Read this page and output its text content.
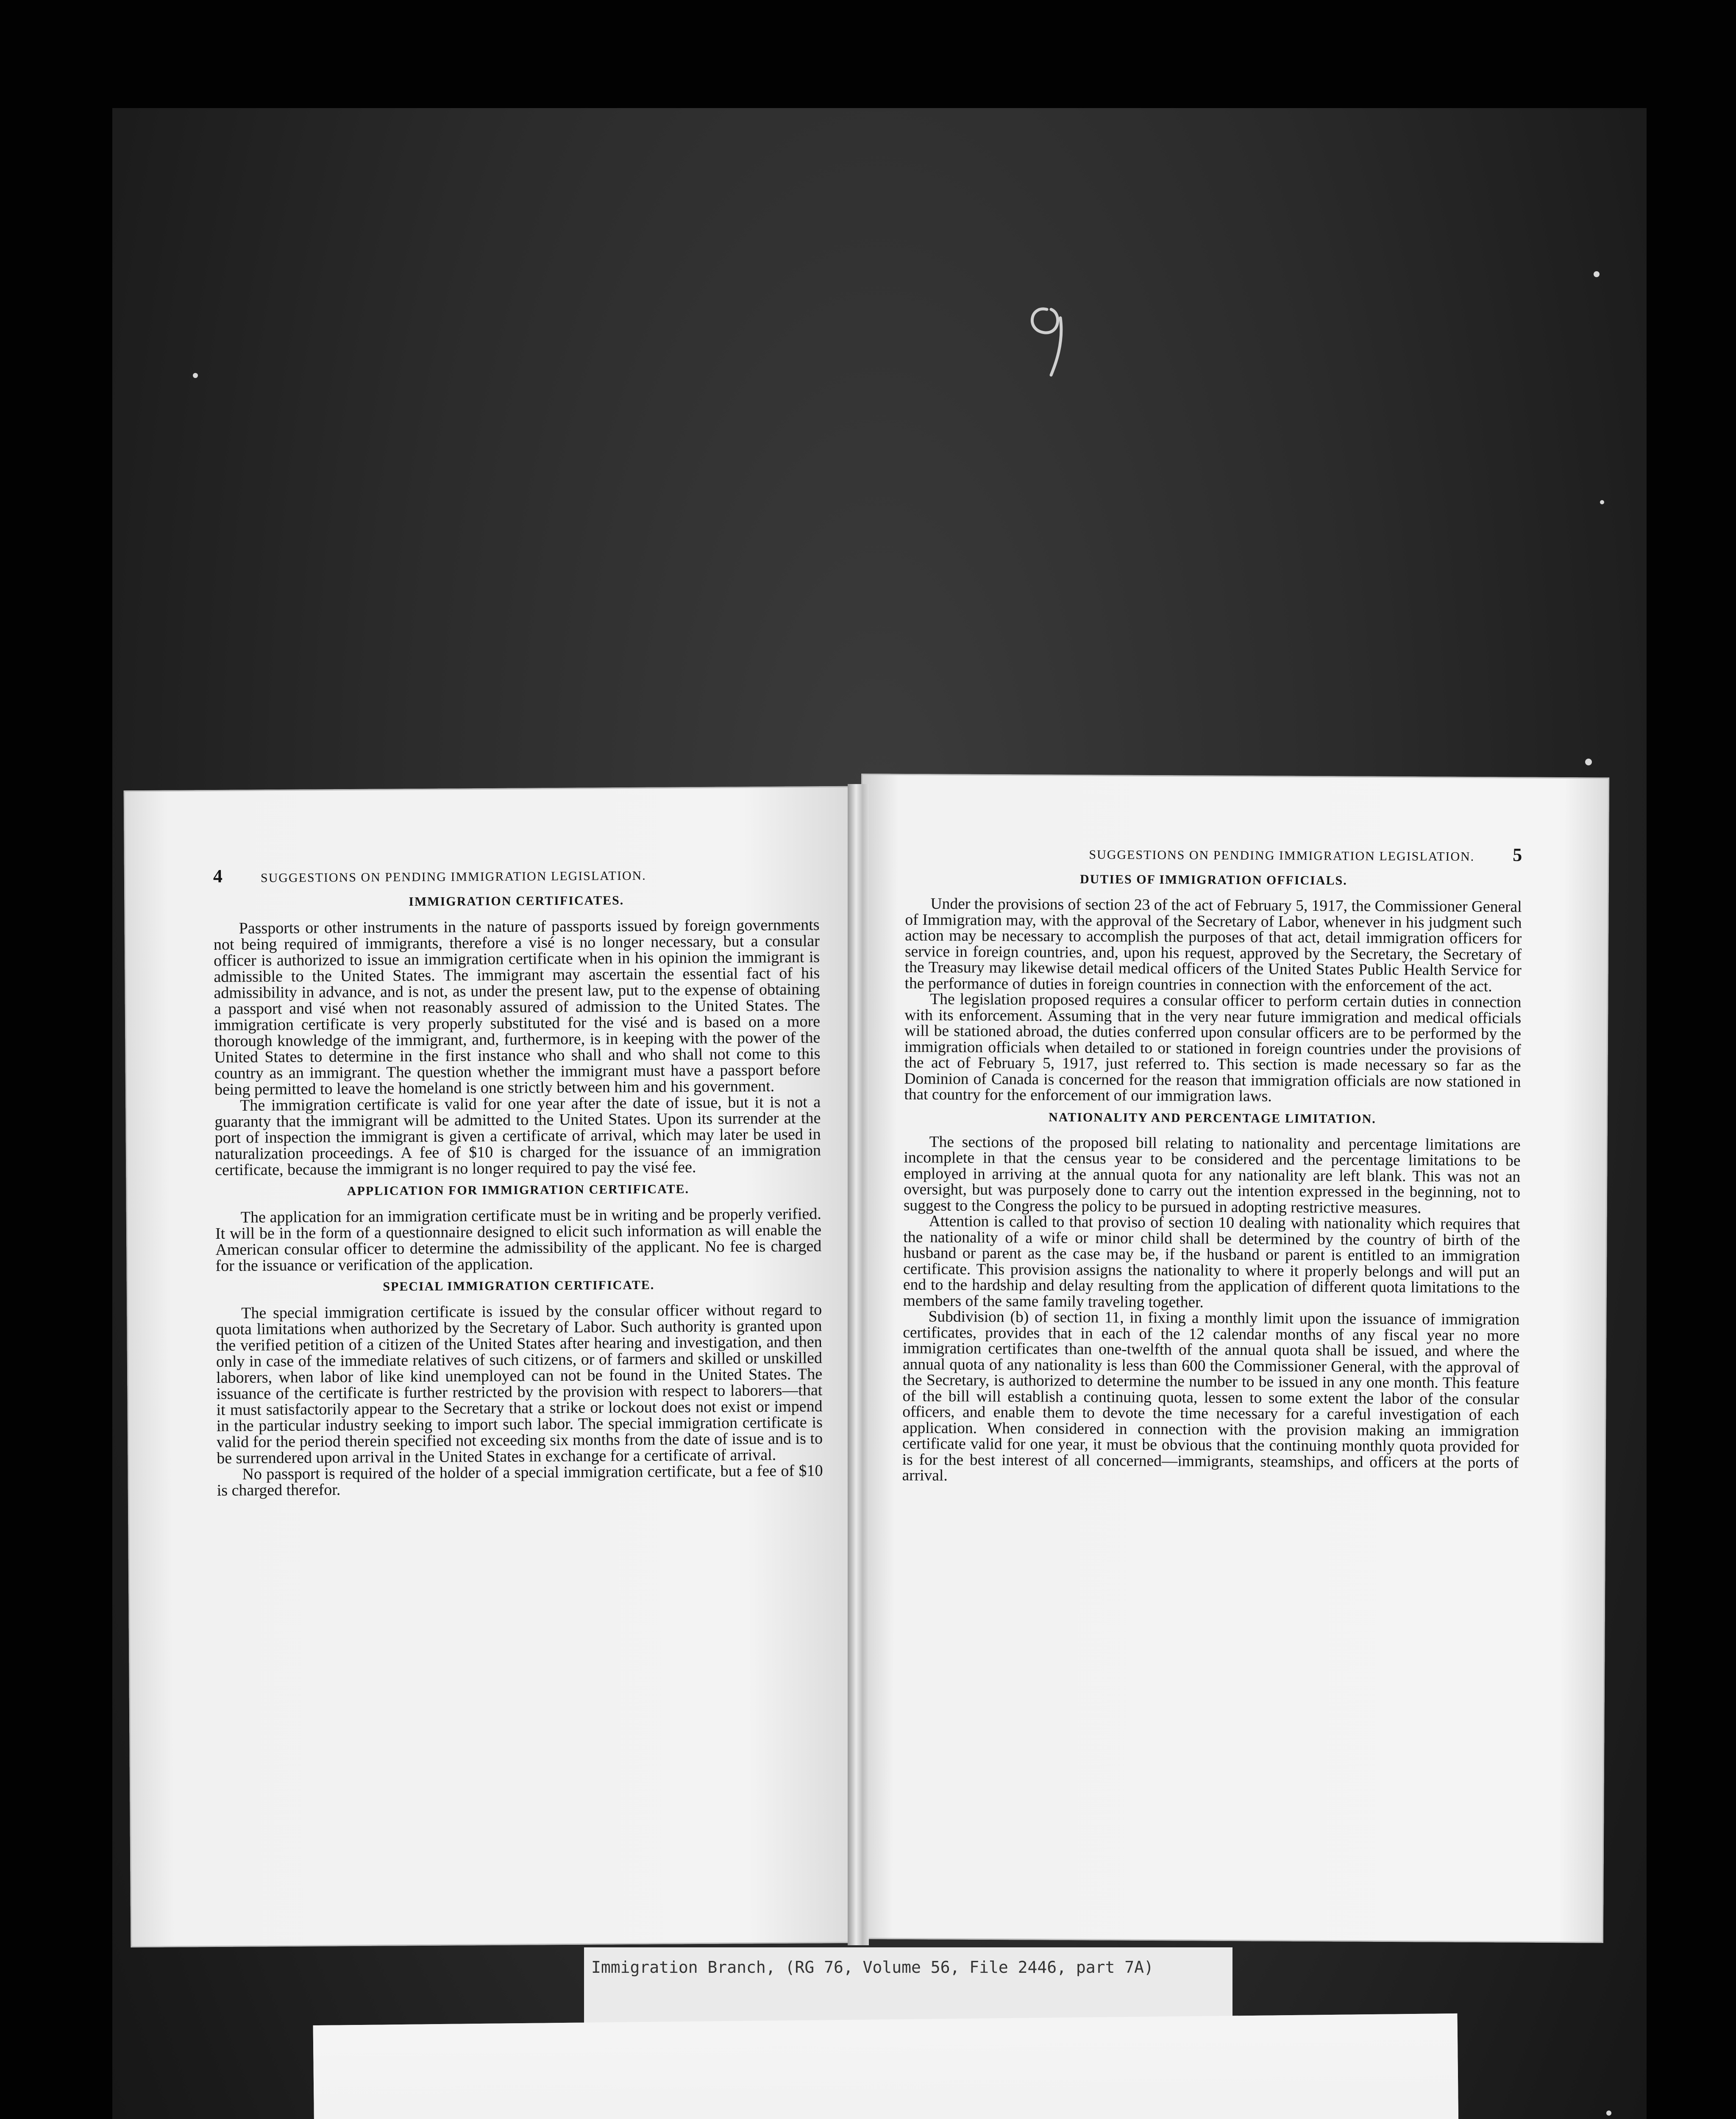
4	SUGGESTIONS ON PENDING IMMIGRATION LEGISLATION.
IMMIGRATION CERTIFICATES.

Passports or other instruments in the nature of passports issued by foreign governments not being required of immigrants, therefore a visé is no longer necessary, but a consular officer is authorized to issue an immigration certificate when in his opinion the immigrant is admissible to the United States. The immigrant may ascertain the essential fact of his admissibility in advance, and is not, as under the present law, put to the expense of obtaining a passport and visé when not reasonably assured of admission to the United States. The immigration certificate is very properly substituted for the visé and is based on a more thorough knowledge of the immigrant, and, furthermore, is in keeping with the power of the United States to determine in the first instance who shall and who shall not come to this country as an immigrant. The question whether the immigrant must have a passport before being permitted to leave the homeland is one strictly between him and his government.

The immigration certificate is valid for one year after the date of issue, but it is not a guaranty that the immigrant will be admitted to the United States. Upon its surrender at the port of inspection the immigrant is given a certificate of arrival, which may later be used in naturalization proceedings. A fee of $10 is charged for the issuance of an immigration certificate, because the immigrant is no longer required to pay the visé fee.

APPLICATION FOR IMMIGRATION CERTIFICATE.

The application for an immigration certificate must be in writing and be properly verified. It will be in the form of a questionnaire designed to elicit such information as will enable the American consular officer to determine the admissibility of the applicant. No fee is charged for the issuance or verification of the application.

SPECIAL IMMIGRATION CERTIFICATE.

The special immigration certificate is issued by the consular officer without regard to quota limitations when authorized by the Secretary of Labor. Such authority is granted upon the verified petition of a citizen of the United States after hearing and investigation, and then only in case of the immediate relatives of such citizens, or of farmers and skilled or unskilled laborers, when labor of like kind unemployed can not be found in the United States. The issuance of the certificate is further restricted by the provision with respect to laborers—that it must satisfactorily appear to the Secretary that a strike or lockout does not exist or impend in the particular industry seeking to import such labor. The special immigration certificate is valid for the period therein specified not exceeding six months from the date of issue and is to be surrendered upon arrival in the United States in exchange for a certificate of arrival.

No passport is required of the holder of a special immigration certificate, but a fee of $10 is charged therefor.

SUGGESTIONS ON PENDING IMMIGRATION LEGISLATION. 5
DUTIES OF IMMIGRATION OFFICIALS.

Under the provisions of section 23 of the act of February 5, 1917, the Commissioner General of Immigration may, with the approval of the Secretary of Labor, whenever in his judgment such action may be necessary to accomplish the purposes of that act, detail immigration officers for service in foreign countries, and, upon his request, approved by the Secretary, the Secretary of the Treasury may likewise detail medical officers of the United States Public Health Service for the performance of duties in foreign countries in connection with the enforcement of the act.

The legislation proposed requires a consular officer to perform certain duties in connection with its enforcement. Assuming that in the very near future immigration and medical officials will be stationed abroad, the duties conferred upon consular officers are to be performed by the immigration officials when detailed to or stationed in foreign countries under the provisions of the act of February 5, 1917, just referred to. This section is made necessary so far as the Dominion of Canada is concerned for the reason that immigration officials are now stationed in that country for the enforcement of our immigration laws.

NATIONALITY AND PERCENTAGE LIMITATION.

The sections of the proposed bill relating to nationality and percentage limitations are incomplete in that the census year to be considered and the percentage limitations to be employed in arriving at the annual quota for any nationality are left blank. This was not an oversight, but was purposely done to carry out the intention expressed in the beginning, not to suggest to the Congress the policy to be pursued in adopting restrictive measures.

Attention is called to that proviso of section 10 dealing with nationality which requires that the nationality of a wife or minor child shall be determined by the country of birth of the husband or parent as the case may be, if the husband or parent is entitled to an immigration certificate. This provision assigns the nationality to where it properly belongs and will put an end to the hardship and delay resulting from the application of different quota limitations to the members of the same family traveling together.

Subdivision (b) of section 11, in fixing a monthly limit upon the issuance of immigration certificates, provides that in each of the 12 calendar months of any fiscal year no more immigration certificates than one-twelfth of the annual quota shall be issued, and where the annual quota of any nationality is less than 600 the Commissioner General, with the approval of the Secretary, is authorized to determine the number to be issued in any one month. This feature of the bill will establish a continuing quota, lessen to some extent the labor of the consular officers, and enable them to devote the time necessary for a careful investigation of each application. When considered in connection with the provision making an immigration certificate valid for one year, it must be obvious that the continuing monthly quota provided for is for the best interest of all concerned—immigrants, steamships, and officers at the ports of arrival.

Immigration Branch, (RG 76, Volume 56, File 2446, part 7A)
